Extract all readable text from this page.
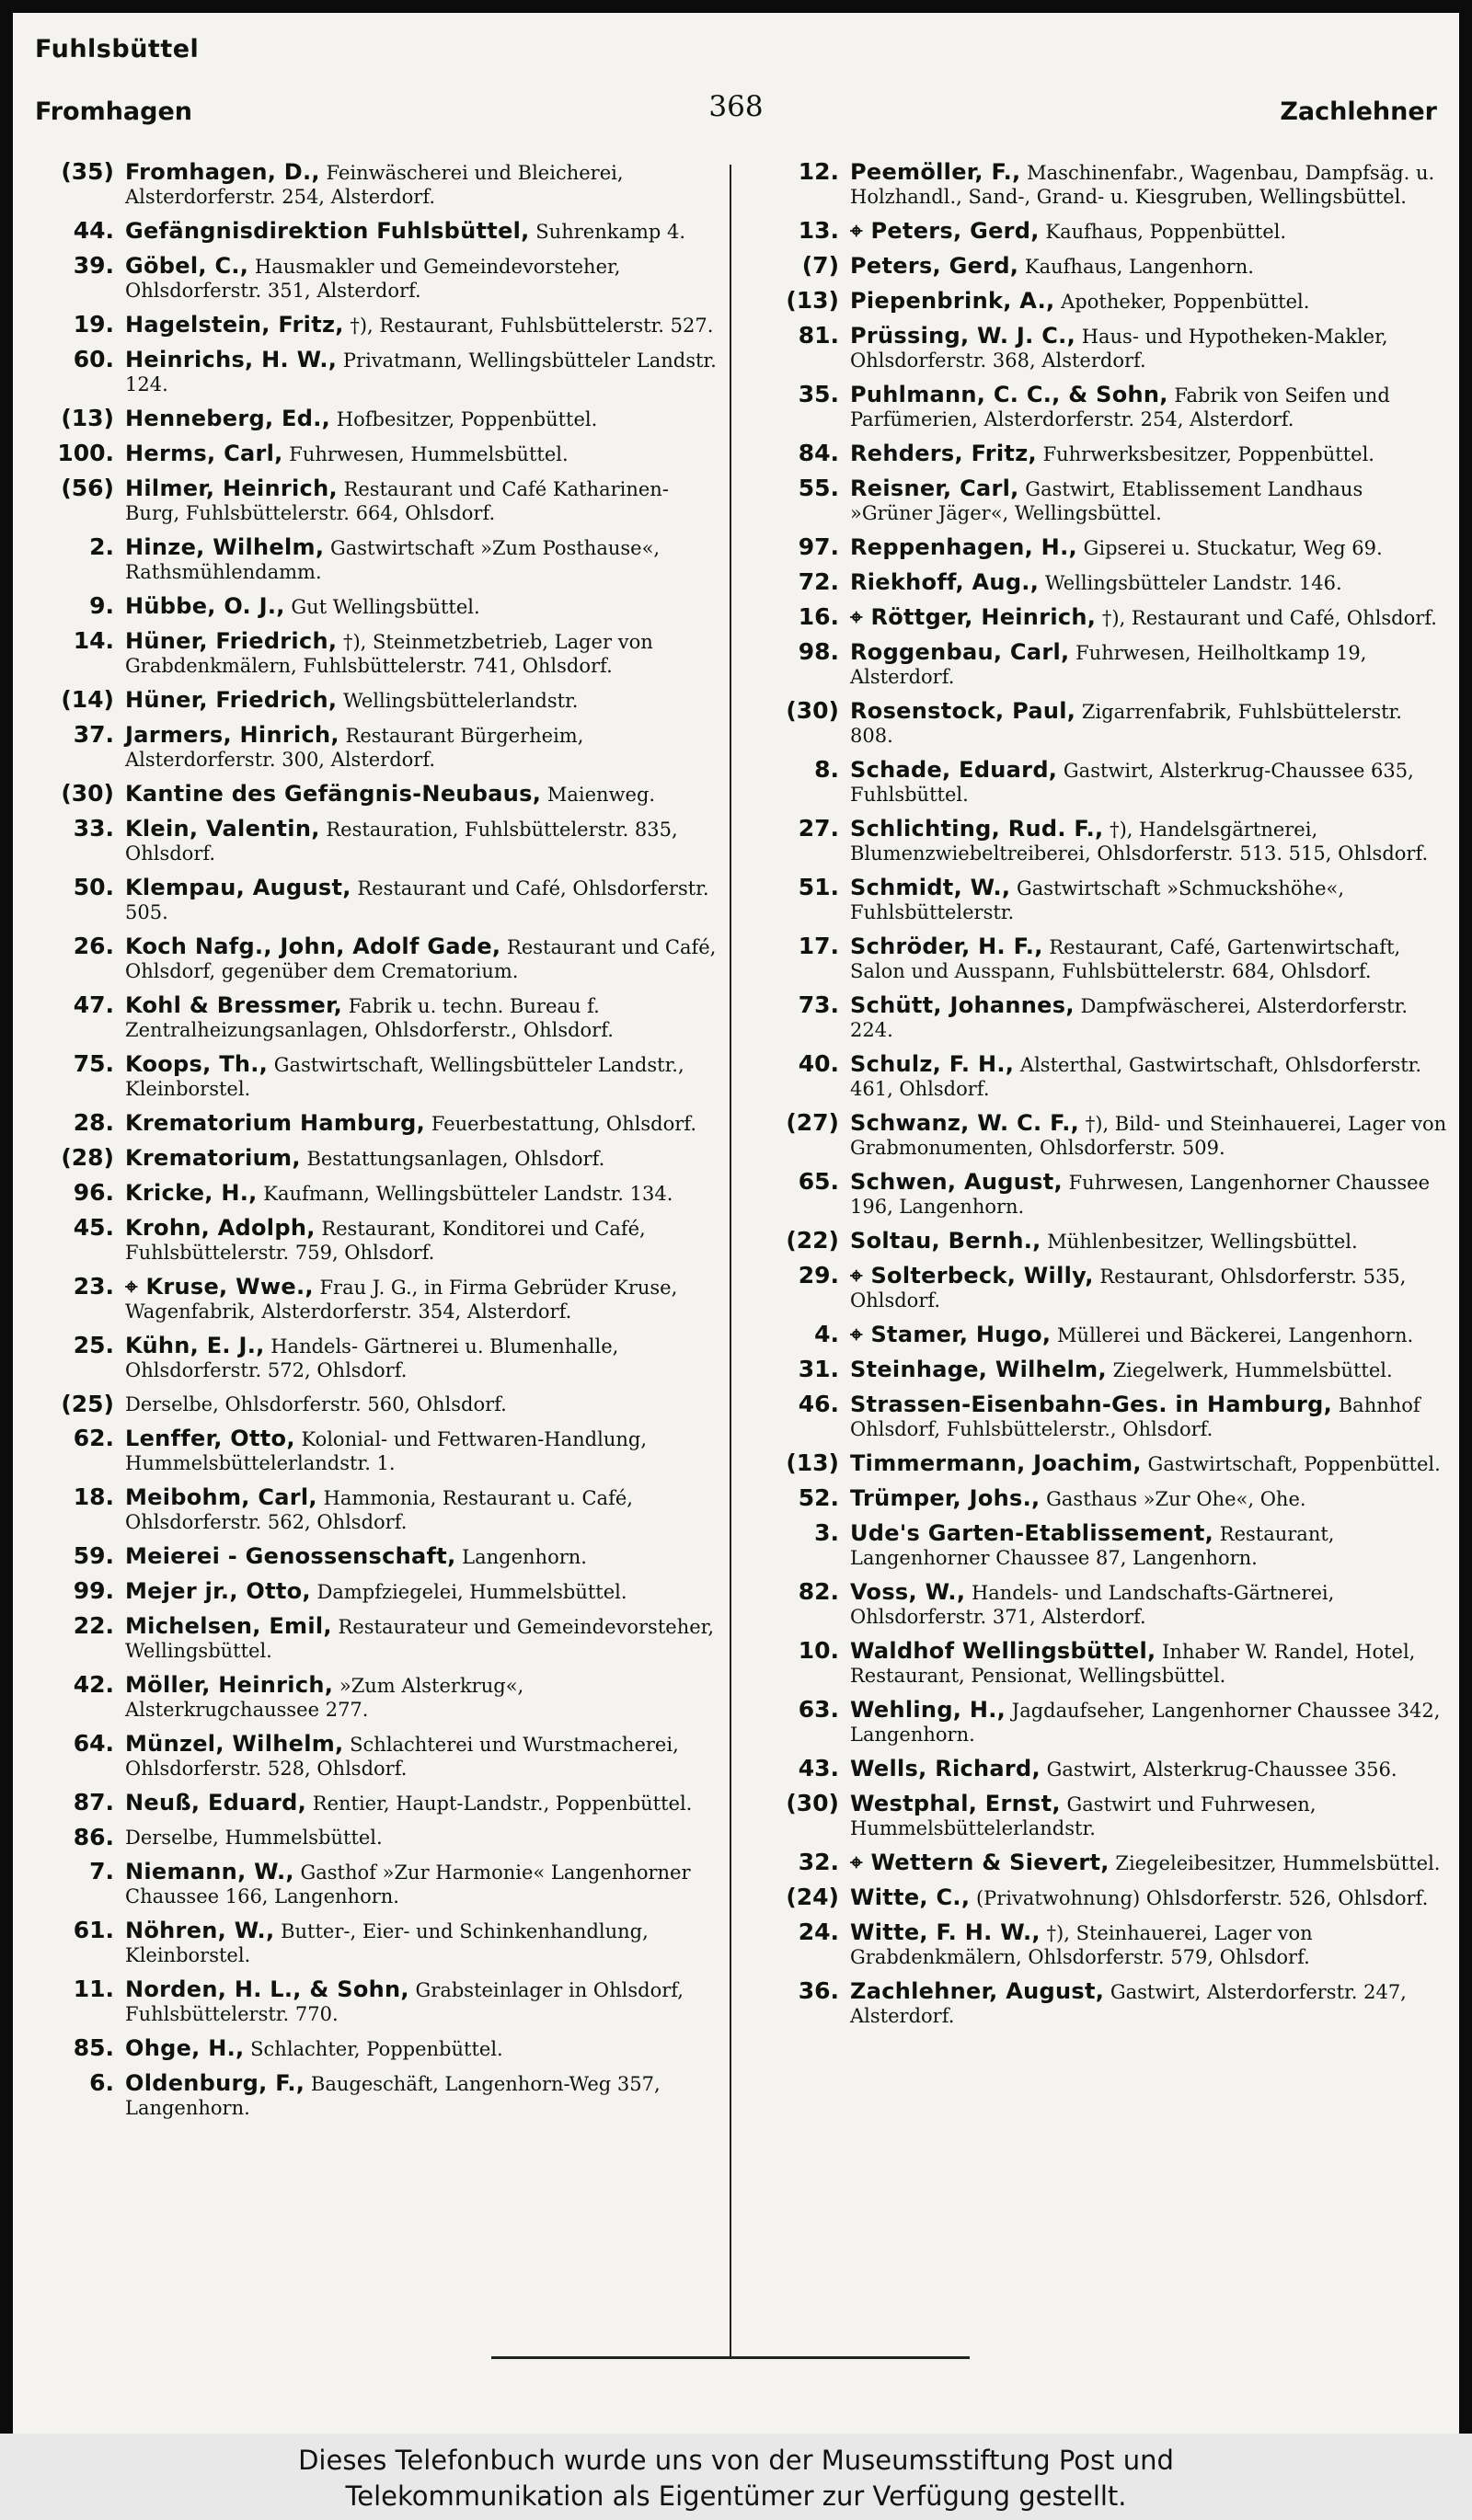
Fuhlsbüttel
Fromhagen	368	Zachlehner
(35) Fromhagen, D., Feinwäscherei und Bleicherei, Alsterdorferstr. 254, Alsterdorf.
44. Gefängnisdirektion Fuhlsbüttel, Suhrenkamp 4.
39. Göbel, C., Hausmakler und Gemeindevorsteher, Ohlsdorferstr. 351, Alsterdorf.
19. Hagelstein, Fritz, †), Restaurant, Fuhlsbüttelerstr. 527.
60. Heinrichs, H. W., Privatmann, Wellingsbütteler Landstr. 124.
(13) Henneberg, Ed., Hofbesitzer, Poppenbüttel.
100. Herms, Carl, Fuhrwesen, Hummelsbüttel.
(56) Hilmer, Heinrich, Restaurant und Café Katharinen-Burg, Fuhlsbüttelerstr. 664, Ohlsdorf.
2. Hinze, Wilhelm, Gastwirtschaft »Zum Posthause«, Rathsmühlendamm.
9. Hübbe, O. J., Gut Wellingsbüttel.
14. Hüner, Friedrich, †), Steinmetzbetrieb, Lager von Grabdenkmälern, Fuhlsbüttelerstr. 741, Ohlsdorf.
(14) Hüner, Friedrich, Wellingsbüttelerlandstr.
37. Jarmers, Hinrich, Restaurant Bürgerheim, Alsterdorferstr. 300, Alsterdorf.
(30) Kantine des Gefängnis-Neubaus, Maienweg.
33. Klein, Valentin, Restauration, Fuhlsbüttelerstr. 835, Ohlsdorf.
50. Klempau, August, Restaurant und Café, Ohlsdorferstr. 505.
26. Koch Nafg., John, Adolf Gade, Restaurant und Café, Ohlsdorf, gegenüber dem Crematorium.
47. Kohl & Bressmer, Fabrik u. techn. Bureau f. Zentralheizungsanlagen, Ohlsdorferstr., Ohlsdorf.
75. Koops, Th., Gastwirtschaft, Wellingsbütteler Landstr., Kleinborstel.
28. Krematorium Hamburg, Feuerbestattung, Ohlsdorf.
(28) Krematorium, Bestattungsanlagen, Ohlsdorf.
96. Kricke, H., Kaufmann, Wellingsbütteler Landstr. 134.
45. Krohn, Adolph, Restaurant, Konditorei und Café, Fuhlsbüttelerstr. 759, Ohlsdorf.
23. ⌖ Kruse, Wwe., Frau J. G., in Firma Gebrüder Kruse, Wagenfabrik, Alsterdorferstr. 354, Alsterdorf.
25. Kühn, E. J., Handels- Gärtnerei u. Blumenhalle, Ohlsdorferstr. 572, Ohlsdorf.
(25) Derselbe, Ohlsdorferstr. 560, Ohlsdorf.
62. Lenffer, Otto, Kolonial- und Fettwaren-Handlung, Hummelsbüttelerlandstr. 1.
18. Meibohm, Carl, Hammonia, Restaurant u. Café, Ohlsdorferstr. 562, Ohlsdorf.
59. Meierei - Genossenschaft, Langenhorn.
99. Mejer jr., Otto, Dampfziegelei, Hummelsbüttel.
22. Michelsen, Emil, Restaurateur und Gemeindevorsteher, Wellingsbüttel.
42. Möller, Heinrich, »Zum Alsterkrug«, Alsterkrugchaussee 277.
64. Münzel, Wilhelm, Schlachterei und Wurstmacherei, Ohlsdorferstr. 528, Ohlsdorf.
87. Neuß, Eduard, Rentier, Haupt-Landstr., Poppenbüttel.
86. Derselbe, Hummelsbüttel.
7. Niemann, W., Gasthof »Zur Harmonie« Langenhorner Chaussee 166, Langenhorn.
61. Nöhren, W., Butter-, Eier- und Schinkenhandlung, Kleinborstel.
11. Norden, H. L., & Sohn, Grabsteinlager in Ohlsdorf, Fuhlsbüttelerstr. 770.
85. Ohge, H., Schlachter, Poppenbüttel.
6. Oldenburg, F., Baugeschäft, Langenhorn-Weg 357, Langenhorn.
12. Peemöller, F., Maschinenfabr., Wagenbau, Dampfsäg. u. Holzhandl., Sand-, Grand- u. Kiesgruben, Wellingsbüttel.
13. ⌖ Peters, Gerd, Kaufhaus, Poppenbüttel.
(7) Peters, Gerd, Kaufhaus, Langenhorn.
(13) Piepenbrink, A., Apotheker, Poppenbüttel.
81. Prüssing, W. J. C., Haus- und Hypotheken-Makler, Ohlsdorferstr. 368, Alsterdorf.
35. Puhlmann, C. C., & Sohn, Fabrik von Seifen und Parfümerien, Alsterdorferstr. 254, Alsterdorf.
84. Rehders, Fritz, Fuhrwerksbesitzer, Poppenbüttel.
55. Reisner, Carl, Gastwirt, Etablissement Landhaus »Grüner Jäger«, Wellingsbüttel.
97. Reppenhagen, H., Gipserei u. Stuckatur, Weg 69.
72. Riekhoff, Aug., Wellingsbütteler Landstr. 146.
16. ⌖ Röttger, Heinrich, †), Restaurant und Café, Ohlsdorf.
98. Roggenbau, Carl, Fuhrwesen, Heilholtkamp 19, Alsterdorf.
(30) Rosenstock, Paul, Zigarrenfabrik, Fuhlsbüttelerstr. 808.
8. Schade, Eduard, Gastwirt, Alsterkrug-Chaussee 635, Fuhlsbüttel.
27. Schlichting, Rud. F., †), Handelsgärtnerei, Blumenzwiebeltreiberei, Ohlsdorferstr. 513. 515, Ohlsdorf.
51. Schmidt, W., Gastwirtschaft »Schmuckshöhe«, Fuhlsbüttelerstr.
17. Schröder, H. F., Restaurant, Café, Gartenwirtschaft, Salon und Ausspann, Fuhlsbüttelerstr. 684, Ohlsdorf.
73. Schütt, Johannes, Dampfwäscherei, Alsterdorferstr. 224.
40. Schulz, F. H., Alsterthal, Gastwirtschaft, Ohlsdorferstr. 461, Ohlsdorf.
(27) Schwanz, W. C. F., †), Bild- und Steinhauerei, Lager von Grabmonumenten, Ohlsdorferstr. 509.
65. Schwen, August, Fuhrwesen, Langenhorner Chaussee 196, Langenhorn.
(22) Soltau, Bernh., Mühlenbesitzer, Wellingsbüttel.
29. ⌖ Solterbeck, Willy, Restaurant, Ohlsdorferstr. 535, Ohlsdorf.
4. ⌖ Stamer, Hugo, Müllerei und Bäckerei, Langenhorn.
31. Steinhage, Wilhelm, Ziegelwerk, Hummelsbüttel.
46. Strassen-Eisenbahn-Ges. in Hamburg, Bahnhof Ohlsdorf, Fuhlsbüttelerstr., Ohlsdorf.
(13) Timmermann, Joachim, Gastwirtschaft, Poppenbüttel.
52. Trümper, Johs., Gasthaus »Zur Ohe«, Ohe.
3. Ude's Garten-Etablissement, Restaurant, Langenhorner Chaussee 87, Langenhorn.
82. Voss, W., Handels- und Landschafts-Gärtnerei, Ohlsdorferstr. 371, Alsterdorf.
10. Waldhof Wellingsbüttel, Inhaber W. Randel, Hotel, Restaurant, Pensionat, Wellingsbüttel.
63. Wehling, H., Jagdaufseher, Langenhorner Chaussee 342, Langenhorn.
43. Wells, Richard, Gastwirt, Alsterkrug-Chaussee 356.
(30) Westphal, Ernst, Gastwirt und Fuhrwesen, Hummelsbüttelerlandstr.
32. ⌖ Wettern & Sievert, Ziegeleibesitzer, Hummelsbüttel.
(24) Witte, C., (Privatwohnung) Ohlsdorferstr. 526, Ohlsdorf.
24. Witte, F. H. W., †), Steinhauerei, Lager von Grabdenkmälern, Ohlsdorferstr. 579, Ohlsdorf.
36. Zachlehner, August, Gastwirt, Alsterdorferstr. 247, Alsterdorf.
Dieses Telefonbuch wurde uns von der Museumsstiftung Post und
Telekommunikation als Eigentümer zur Verfügung gestellt.
